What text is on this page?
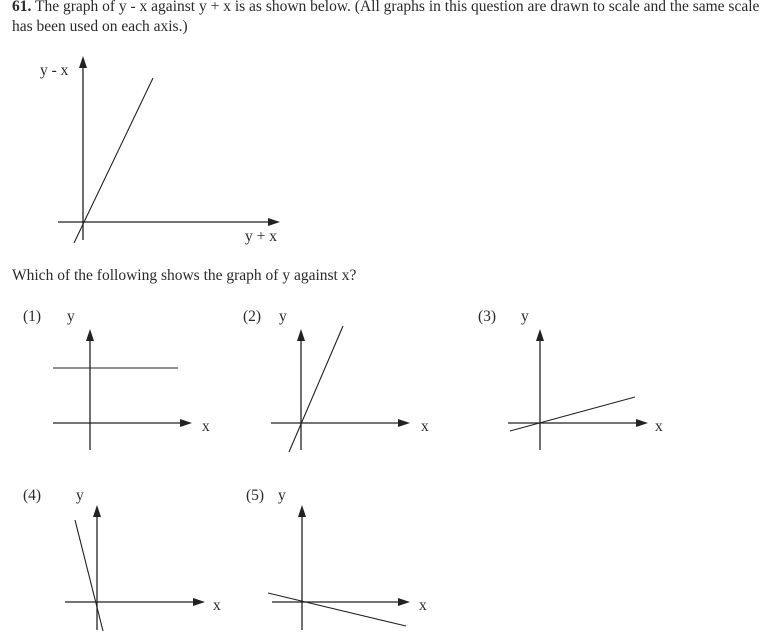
61. The graph of y - x against y + x is as shown below. (All graphs in this question are drawn to scale and the same scale has been used on each axis.)
Which of the following shows the graph of y against x?
y - x
y + x
(1) y
x
(2) y
x
(3) y
x
(4) y
x
(5) y
x
